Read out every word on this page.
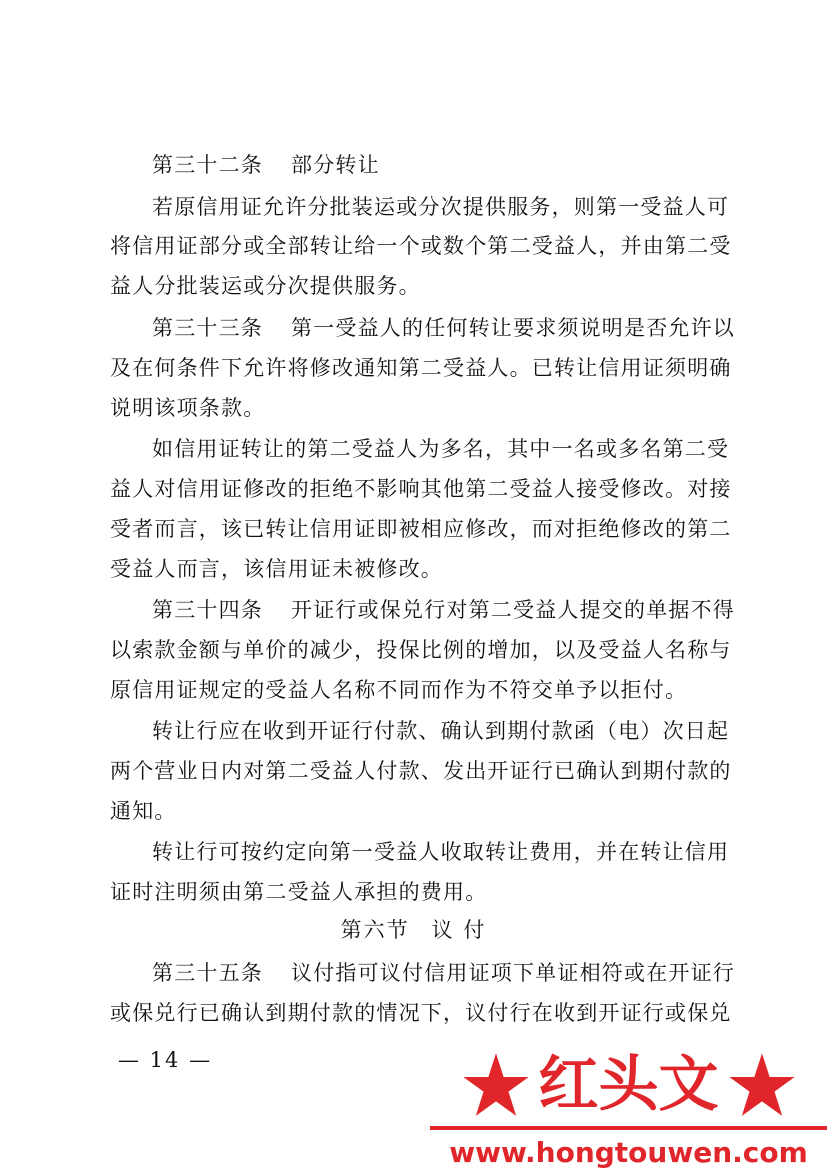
第三十二条 部分转让
若原信用证允许分批装运或分次提供服务，则第一受益人可
将信用证部分或全部转让给一个或数个第二受益人，并由第二受
益人分批装运或分次提供服务。
第三十三条 第一受益人的任何转让要求须说明是否允许以
及在何条件下允许将修改通知第二受益人。已转让信用证须明确
说明该项条款。
如信用证转让的第二受益人为多名，其中一名或多名第二受
益人对信用证修改的拒绝不影响其他第二受益人接受修改。对接
受者而言，该已转让信用证即被相应修改，而对拒绝修改的第二
受益人而言，该信用证未被修改。
第三十四条 开证行或保兑行对第二受益人提交的单据不得
以索款金额与单价的减少，投保比例的增加，以及受益人名称与
原信用证规定的受益人名称不同而作为不符交单予以拒付。
转让行应在收到开证行付款、确认到期付款函（电）次日起
两个营业日内对第二受益人付款、发出开证行已确认到期付款的
通知。
转让行可按约定向第一受益人收取转让费用，并在转让信用
证时注明须由第二受益人承担的费用。
第六节 议 付
第三十五条 议付指可议付信用证项下单证相符或在开证行
或保兑行已确认到期付款的情况下，议付行在收到开证行或保兑
— 14 —	红头文
www.hongtouwen.com
